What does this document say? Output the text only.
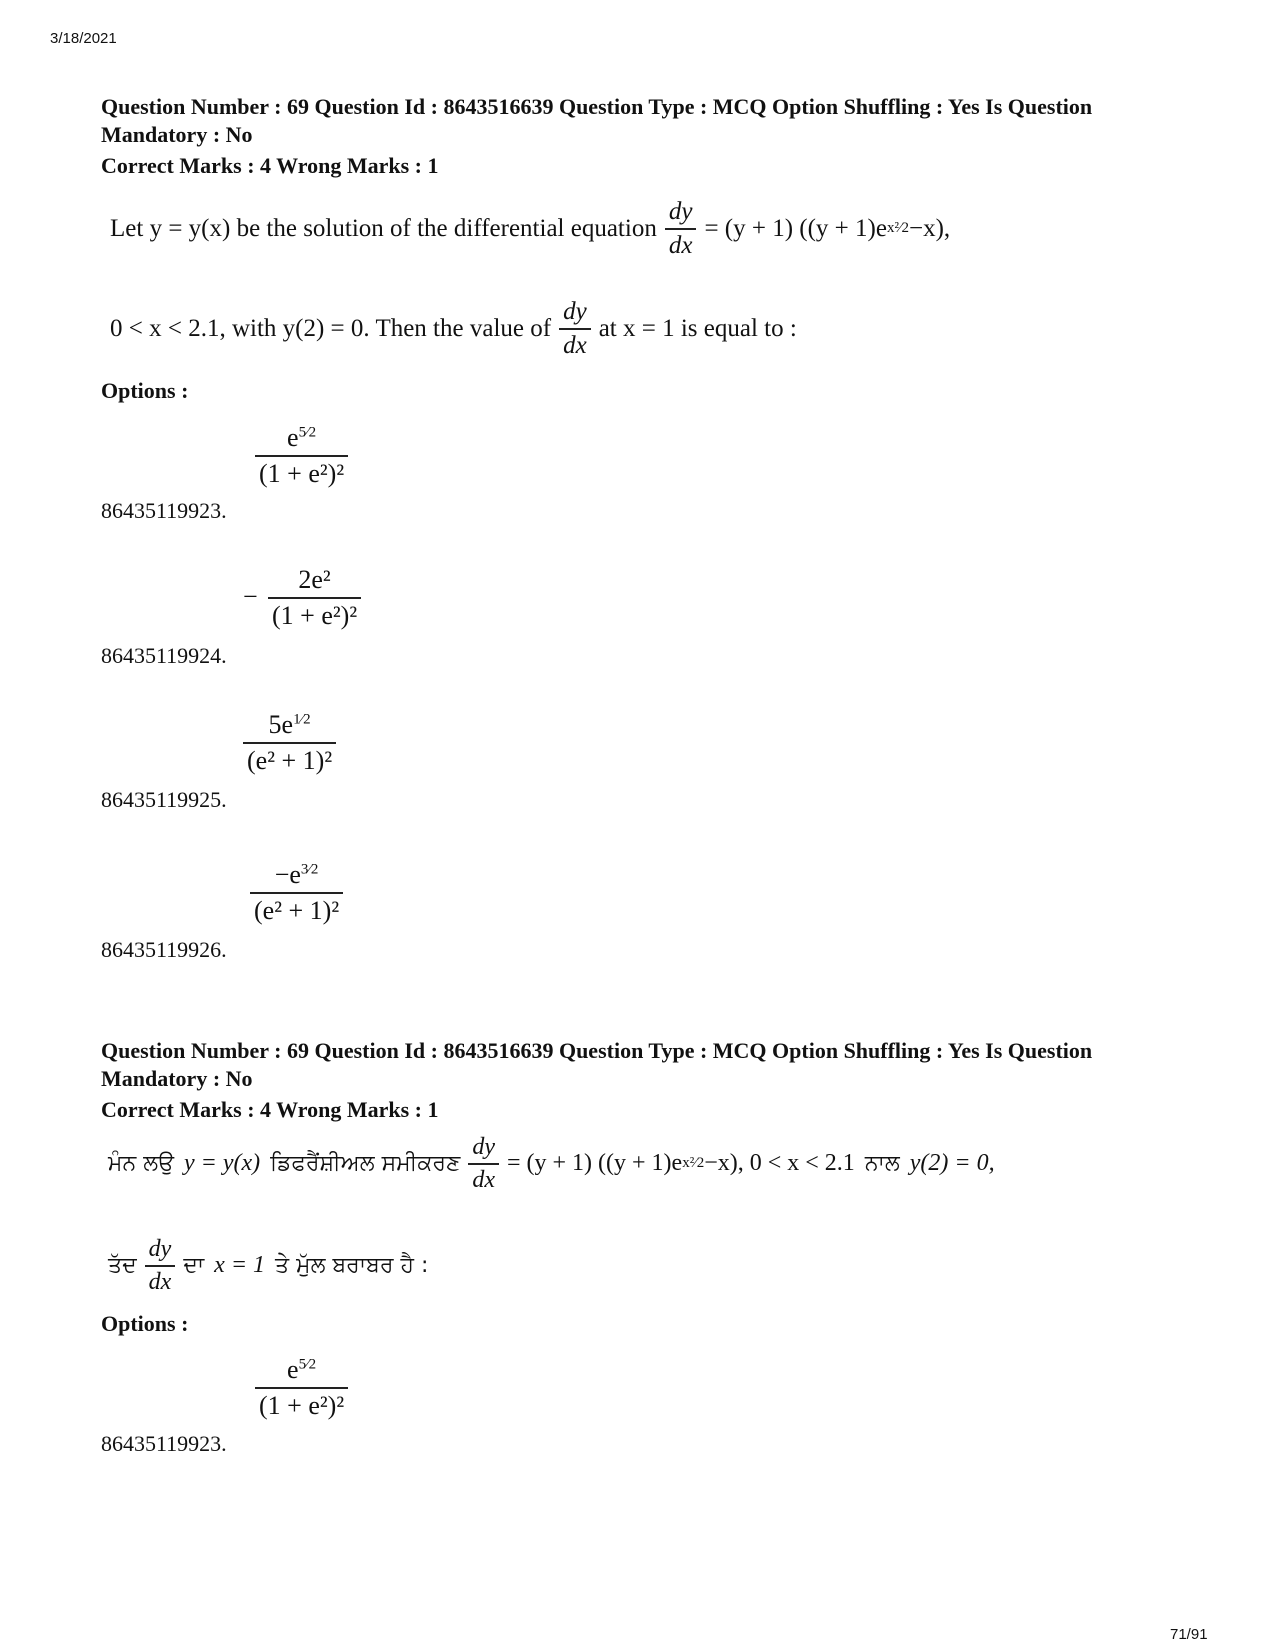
3/18/2021
Question Number : 69 Question Id : 8643516639 Question Type : MCQ Option Shuffling : Yes Is Question Mandatory : No
Correct Marks : 4 Wrong Marks : 1
Let y = y(x) be the solution of the differential equation $\frac{dy}{dx} = (y + 1) ((y + 1)e$ x²⁄2 −x),
0 < x < 2.1, with y(2) = 0. Then the value of $\frac{dy}{dx}$ at x = 1 is equal to :
Options :
$\frac{e^{5⁄2}}{\text{(1 + e²)²}}$
86435119923.
− $\frac{\text{2e²}}{\text{(1 + e²)²}}$
86435119924.
$\frac{5e^{1⁄2}}{\text{(e² + 1)²}}$
86435119925.
$\frac{-e^{3⁄2}}{\text{(e² + 1)²}}$
86435119926.
Question Number : 69 Question Id : 8643516639 Question Type : MCQ Option Shuffling : Yes Is Question Mandatory : No
Correct Marks : 4 Wrong Marks : 1
ਮੰਨ ਲਉ y = y(x) ਡਿਫਰੈਂਸ਼ੀਅਲ ਸਮੀਕਰਣ $\frac{dy}{dx} = (y + 1) ((y + 1)e$ x²⁄2 −x), 0 < x < 2.1 ਨਾਲ y(2) = 0,
ਤੱਦ $\frac{dy}{dx}$ ਦਾ x = 1 ਤੇ ਮੁੱਲ ਬਰਾਬਰ ਹੈ :
Options :
$\frac{e^{5⁄2}}{\text{(1 + e²)²}}$
86435119923.
71/91
